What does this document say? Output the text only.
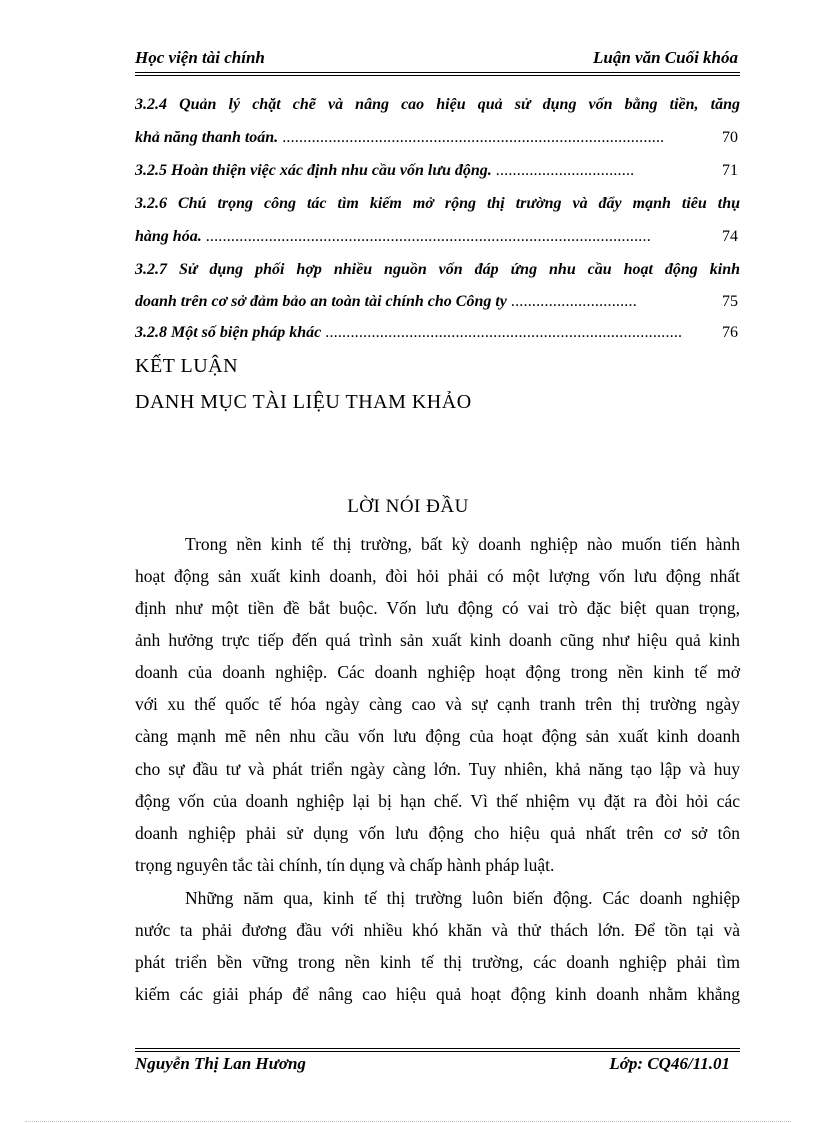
Học viện tài chính	Luận văn Cuối khóa
3.2.4 Quản lý chặt chẽ và nâng cao hiệu quả sử dụng vốn bằng tiền, tăng
khả năng thanh toán. ...........................................................................................	70
3.2.5 Hoàn thiện việc xác định nhu cầu vốn lưu động. .................................	71
3.2.6 Chú trọng công tác tìm kiếm mở rộng thị trường và đẩy mạnh tiêu thụ
hàng hóa. ..........................................................................................................	74
3.2.7 Sử dụng phối hợp nhiều nguồn vốn đáp ứng nhu cầu hoạt động kinh
doanh trên cơ sở đảm bảo an toàn tài chính cho Công ty ..............................	75
3.2.8 Một số biện pháp khác ..................................................................................... 76
KẾT LUẬN
DANH MỤC TÀI LIỆU THAM KHẢO
LỜI NÓI ĐẦU
Trong nền kinh tế thị trường, bất kỳ doanh nghiệp nào muốn tiến hành
hoạt động sản xuất kinh doanh, đòi hỏi phải có một lượng vốn lưu động nhất
định như một tiền đề bắt buộc. Vốn lưu động có vai trò đặc biệt quan trọng,
ảnh hưởng trực tiếp đến quá trình sản xuất kinh doanh cũng như hiệu quả kinh
doanh của doanh nghiệp. Các doanh nghiệp hoạt động trong nền kinh tế mở
với xu thế quốc tế hóa ngày càng cao và sự cạnh tranh trên thị trường ngày
càng mạnh mẽ nên nhu cầu vốn lưu động của hoạt động sản xuất kinh doanh
cho sự đầu tư và phát triển ngày càng lớn. Tuy nhiên, khả năng tạo lập và huy
động vốn của doanh nghiệp lại bị hạn chế. Vì thế nhiệm vụ đặt ra đòi hỏi các
doanh nghiệp phải sử dụng vốn lưu động cho hiệu quả nhất trên cơ sở tôn
trọng nguyên tắc tài chính, tín dụng và chấp hành pháp luật.
Những năm qua, kinh tế thị trường luôn biến động. Các doanh nghiệp
nước ta phải đương đầu với nhiều khó khăn và thử thách lớn. Để tồn tại và
phát triển bền vững trong nền kinh tế thị trường, các doanh nghiệp phải tìm
kiếm các giải pháp để nâng cao hiệu quả hoạt động kinh doanh nhằm khẳng
Nguyễn Thị Lan Hương	Lớp: CQ46/11.01
